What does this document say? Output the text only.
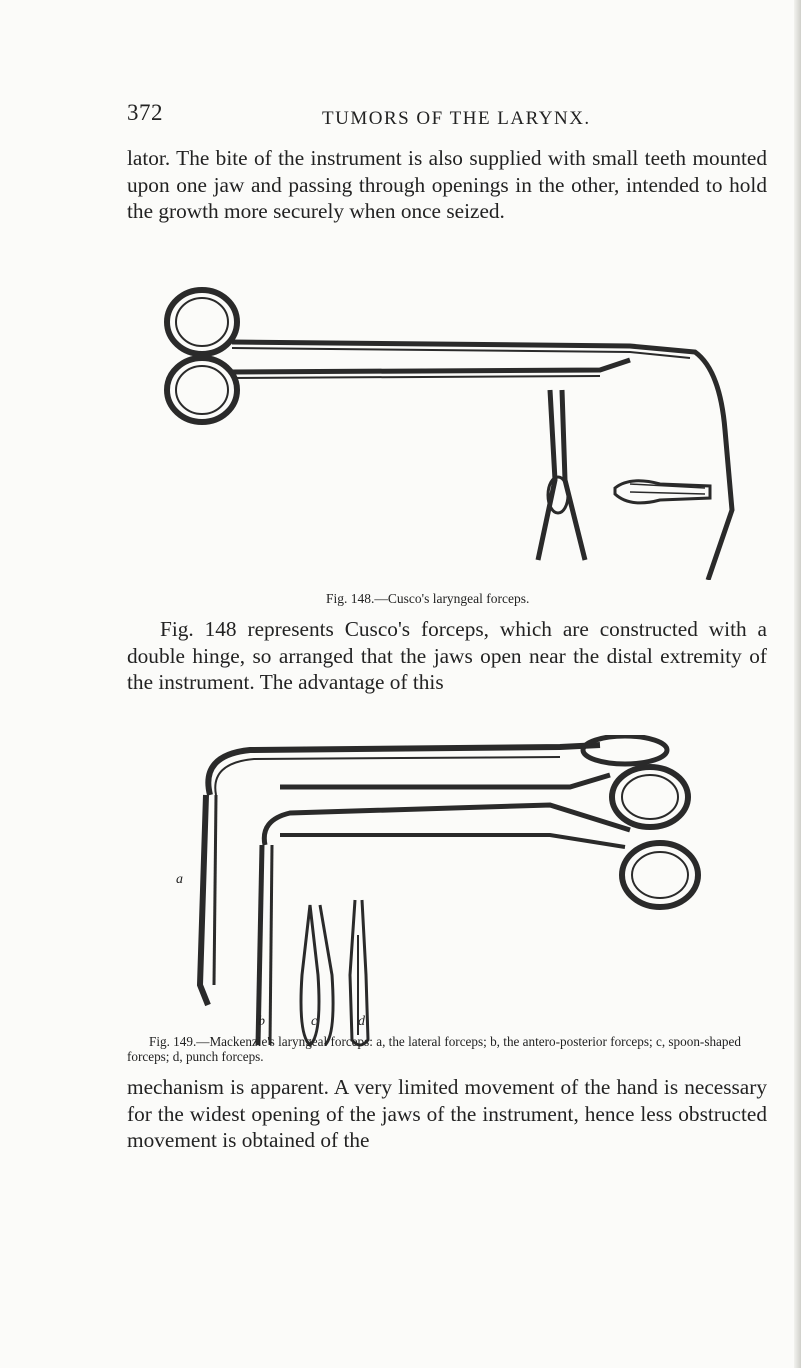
372	TUMORS OF THE LARYNX.

lator. The bite of the instrument is also supplied with small teeth mounted upon one jaw and passing through openings in the other, intended to hold the growth more securely when once seized.

Fig. 148.—Cusco's laryngeal forceps.

Fig. 148 represents Cusco's forceps, which are constructed with a double hinge, so arranged that the jaws open near the distal extremity of the instrument. The advantage of this

a
b	c	d

Fig. 149.—Mackenzie's laryngeal forceps: a, the lateral forceps; b, the antero-posterior forceps; c, spoon-shaped forceps; d, punch forceps.

mechanism is apparent. A very limited movement of the hand is necessary for the widest opening of the jaws of the instrument, hence less obstructed movement is obtained of the
